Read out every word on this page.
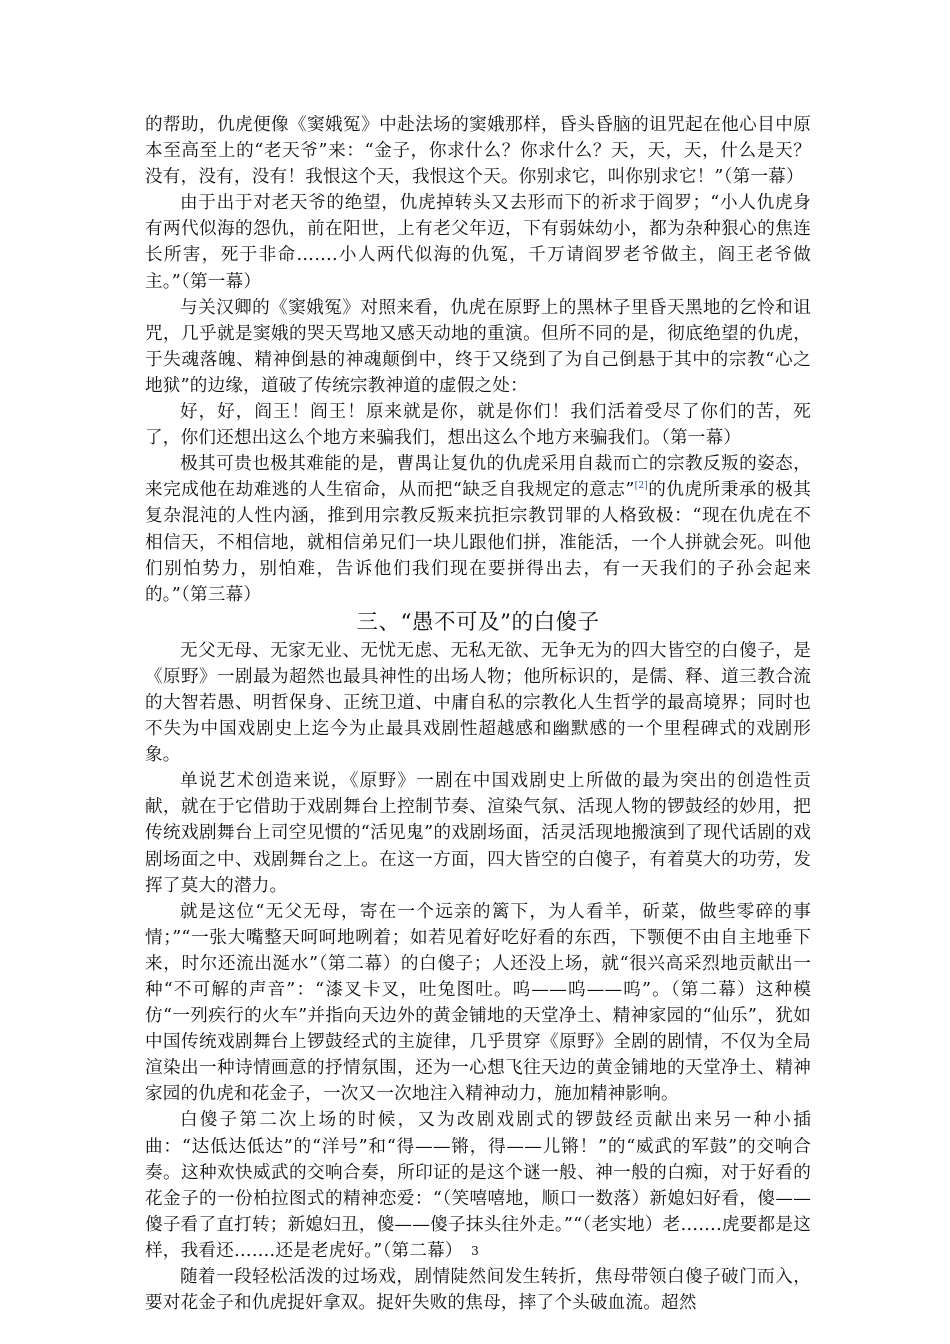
的帮助，仇虎便像《窦娥冤》中赴法场的窦娥那样，昏头昏脑的诅咒起在他心目中原本至高至上的“老天爷”来：“金子，你求什么？你求什么？天，天，天，什么是天？没有，没有，没有！我恨这个天，我恨这个天。你别求它，叫你别求它！”（第一幕）

由于出于对老天爷的绝望，仇虎掉转头又去形而下的祈求于阎罗；“小人仇虎身有两代似海的怨仇，前在阳世，上有老父年迈，下有弱妹幼小，都为杂种狠心的焦连长所害，死于非命…….小人两代似海的仇冤，千万请阎罗老爷做主，阎王老爷做主。”（第一幕）

与关汉卿的《窦娥冤》对照来看，仇虎在原野上的黑林子里昏天黑地的乞怜和诅咒，几乎就是窦娥的哭天骂地又感天动地的重演。但所不同的是，彻底绝望的仇虎，于失魂落魄、精神倒悬的神魂颠倒中，终于又绕到了为自己倒悬于其中的宗教“心之地狱”的边缘，道破了传统宗教神道的虚假之处：

好，好，阎王！阎王！原来就是你，就是你们！我们活着受尽了你们的苦，死了，你们还想出这么个地方来骗我们，想出这么个地方来骗我们。（第一幕）

极其可贵也极其难能的是，曹禺让复仇的仇虎采用自裁而亡的宗教反叛的姿态，来完成他在劫难逃的人生宿命，从而把“缺乏自我规定的意志”[2]的仇虎所秉承的极其复杂混沌的人性内涵，推到用宗教反叛来抗拒宗教罚罪的人格致极：“现在仇虎在不相信天，不相信地，就相信弟兄们一块儿跟他们拼，准能活，一个人拼就会死。叫他们别怕势力，别怕难，告诉他们我们现在要拼得出去，有一天我们的子孙会起来的。”（第三幕）

三、“愚不可及”的白傻子

无父无母、无家无业、无忧无虑、无私无欲、无争无为的四大皆空的白傻子，是《原野》一剧最为超然也最具神性的出场人物；他所标识的，是儒、释、道三教合流的大智若愚、明哲保身、正统卫道、中庸自私的宗教化人生哲学的最高境界；同时也不失为中国戏剧史上迄今为止最具戏剧性超越感和幽默感的一个里程碑式的戏剧形象。

单说艺术创造来说，《原野》一剧在中国戏剧史上所做的最为突出的创造性贡献，就在于它借助于戏剧舞台上控制节奏、渲染气氛、活现人物的锣鼓经的妙用，把传统戏剧舞台上司空见惯的“活见鬼”的戏剧场面，活灵活现地搬演到了现代话剧的戏剧场面之中、戏剧舞台之上。在这一方面，四大皆空的白傻子，有着莫大的功劳，发挥了莫大的潜力。

就是这位“无父无母，寄在一个远亲的篱下，为人看羊，斫菜，做些零碎的事情；”“一张大嘴整天呵呵地咧着；如若见着好吃好看的东西，下颚便不由自主地垂下来，时尔还流出涎水”（第二幕）的白傻子；人还没上场，就“很兴高采烈地贡献出一种“不可解的声音”：“漆叉卡叉，吐兔图吐。呜——呜——呜”。（第二幕）这种模仿“一列疾行的火车”并指向天边外的黄金铺地的天堂净土、精神家园的“仙乐”，犹如中国传统戏剧舞台上锣鼓经式的主旋律，几乎贯穿《原野》全剧的剧情，不仅为全局渲染出一种诗情画意的抒情氛围，还为一心想飞往天边的黄金铺地的天堂净土、精神家园的仇虎和花金子，一次又一次地注入精神动力，施加精神影响。

白傻子第二次上场的时候，又为改剧戏剧式的锣鼓经贡献出来另一种小插曲：“达低达低达”的“洋号”和“得——锵，得——儿锵！”的“威武的军鼓”的交响合奏。这种欢快威武的交响合奏，所印证的是这个谜一般、神一般的白痴，对于好看的花金子的一份柏拉图式的精神恋爱：“（笑嘻嘻地，顺口一数落）新媳妇好看，傻——傻子看了直打转；新媳妇丑，傻——傻子抹头往外走。”“（老实地）老…….虎要都是这样，我看还…….还是老虎好。”（第二幕）

随着一段轻松活泼的过场戏，剧情陡然间发生转折，焦母带领白傻子破门而入，要对花金子和仇虎捉奸拿双。捉奸失败的焦母，摔了个头破血流。超然

3
